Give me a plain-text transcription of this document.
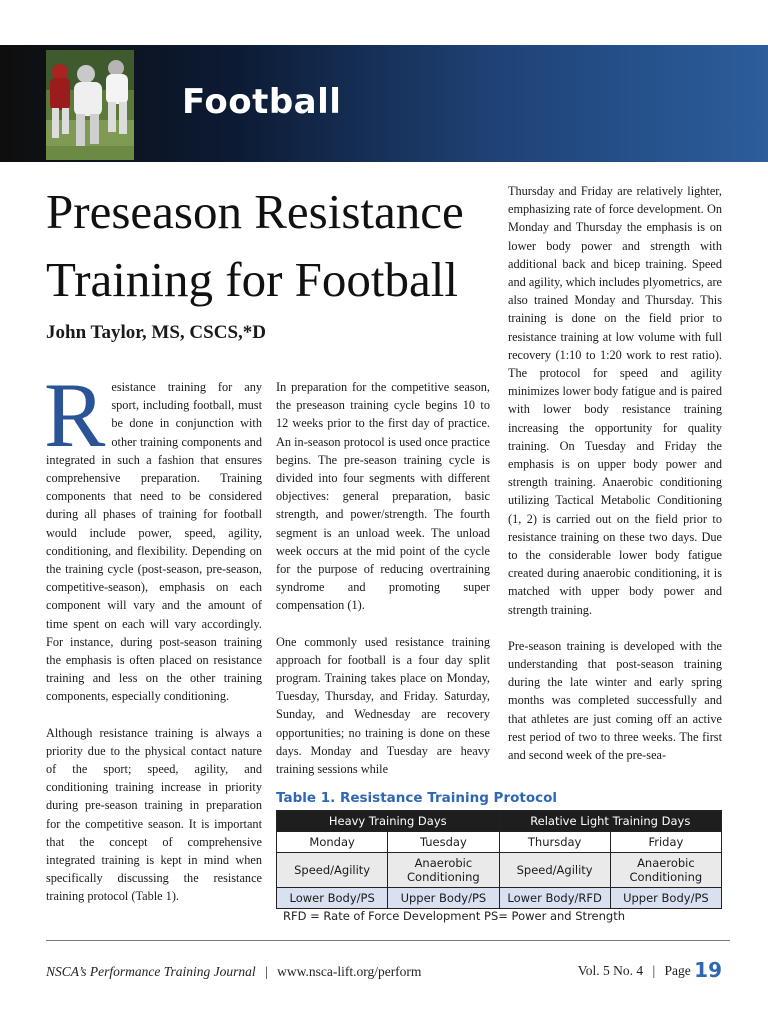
Football
Preseason Resistance Training for Football

John Taylor, MS, CSCS,*D

Resistance training for any sport, including football, must be done in conjunction with other training components and integrated in such a fashion that ensures comprehensive preparation. Training components that need to be considered during all phases of training for football would include power, speed, agility, conditioning, and flexibility. Depending on the training cycle (post-season, pre-season, competitive-season), emphasis on each component will vary and the amount of time spent on each will vary accordingly. For instance, during post-season training the emphasis is often placed on resistance training and less on the other training components, especially conditioning.

Although resistance training is always a priority due to the physical contact nature of the sport; speed, agility, and conditioning training increase in priority during pre-season training in preparation for the competitive season. It is important that the concept of comprehensive integrated training is kept in mind when specifically discussing the resistance training protocol (Table 1).

In preparation for the competitive season, the preseason training cycle begins 10 to 12 weeks prior to the first day of practice. An in-season protocol is used once practice begins. The pre-season training cycle is divided into four segments with different objectives: general preparation, basic strength, and power/strength. The fourth segment is an unload week. The unload week occurs at the mid point of the cycle for the purpose of reducing overtraining syndrome and promoting super compensation (1).

One commonly used resistance training approach for football is a four day split program. Training takes place on Monday, Tuesday, Thursday, and Friday. Saturday, Sunday, and Wednesday are recovery opportunities; no training is done on these days. Monday and Tuesday are heavy training sessions while

Thursday and Friday are relatively lighter, emphasizing rate of force development. On Monday and Thursday the emphasis is on lower body power and strength with additional back and bicep training. Speed and agility, which includes plyometrics, are also trained Monday and Thursday. This training is done on the field prior to resistance training at low volume with full recovery (1:10 to 1:20 work to rest ratio). The protocol for speed and agility minimizes lower body fatigue and is paired with lower body resistance training increasing the opportunity for quality training. On Tuesday and Friday the emphasis is on upper body power and strength training. Anaerobic conditioning utilizing Tactical Metabolic Conditioning (1, 2) is carried out on the field prior to resistance training on these two days. Due to the considerable lower body fatigue created during anaerobic conditioning, it is matched with upper body power and strength training.

Pre-season training is developed with the understanding that post-season training during the late winter and early spring months was completed successfully and that athletes are just coming off an active rest period of two to three weeks. The first and second week of the pre-sea-

Table 1. Resistance Training Protocol

Heavy Training Days		Relative Light Training Days	
Monday	Tuesday	Thursday	Friday
Speed/Agility	Anaerobic Conditioning	Speed/Agility	Anaerobic Conditioning
Lower Body/PS	Upper Body/PS	Lower Body/RFD	Upper Body/PS

RFD = Rate of Force Development PS= Power and Strength

NSCA’s Performance Training Journal | www.nsca-lift.org/perform	Vol. 5 No. 4 | Page 19
